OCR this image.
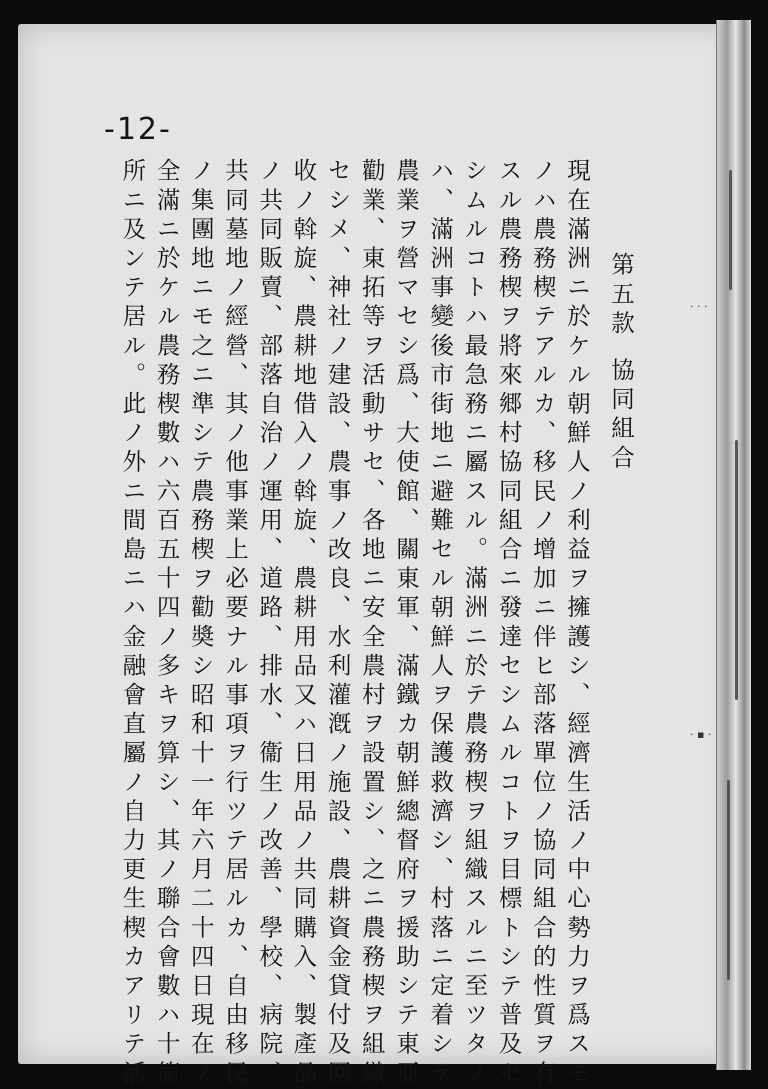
-12-
第五款協同組合
現在滿洲ニ於ケル朝鮮人ノ利益ヲ擁護シ、經濟生活ノ中心勢力ヲ爲スモ
ノハ農務楔テアルカ、移民ノ增加ニ伴ヒ部落單位ノ協同組合的性質ヲ有
スル農務楔ヲ將來郷村協同組合ニ發達セシムルコトヲ目標トシテ普及セ
シムルコトハ最急務ニ屬スル。滿洲ニ於テ農務楔ヲ組織スルニ至ツタノ
ハ、滿洲事變後市街地ニ避難セル朝鮮人ヲ保護救濟シ、村落ニ定着シテ
農業ヲ營マセシ爲、大使館、關東軍、滿鐵カ朝鮮總督府ヲ援助シテ東亞
勸業、東拓等ヲ活動サセ、各地ニ安全農村ヲ設置シ、之ニ農務楔ヲ組織
セシメ、神社ノ建設、農事ノ改良、水利灌漑ノ施設、農耕資金貸付及回
收ノ斡旋、農耕地借入ノ斡旋、農耕用品又ハ日用品ノ共同購入、製產品
ノ共同販賣、部落自治ノ運用、道路、排水、衞生ノ改善、學校、病院、
共同墓地ノ經營、其ノ他事業上必要ナル事項ヲ行ツテ居ルカ、自由移民
ノ集團地ニモ之ニ準シテ農務楔ヲ勸奬シ昭和十一年六月二十四日現在ノ
全滿ニ於ケル農務楔數ハ六百五十四ノ多キヲ算シ、其ノ聯合會數ハ十箇
所ニ及ンテ居ル。此ノ外ニ間島ニハ金融會直屬ノ自力更生楔カアリテ活	· · ·
· ▪ ·
